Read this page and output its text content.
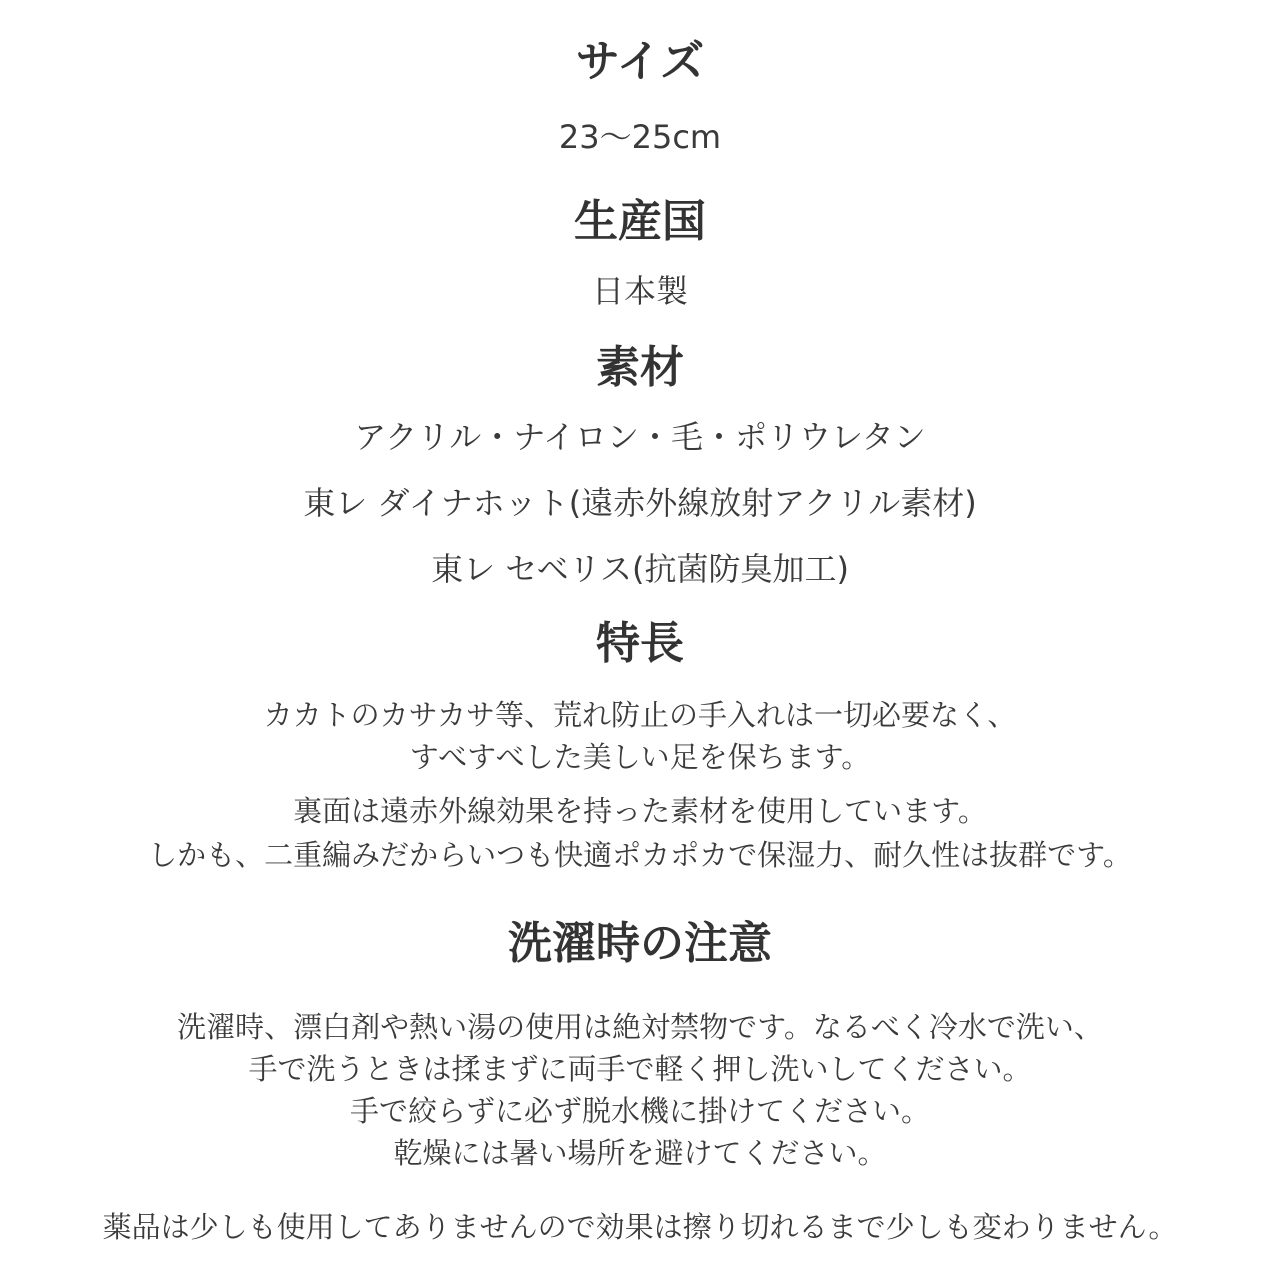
サイズ
23〜25cm
生産国
日本製
素材
アクリル・ナイロン・毛・ポリウレタン
東レ ダイナホット(遠赤外線放射アクリル素材)
東レ セベリス(抗菌防臭加工)
特長
カカトのカサカサ等、荒れ防止の手入れは一切必要なく、
すべすべした美しい足を保ちます。
裏面は遠赤外線効果を持った素材を使用しています。
しかも、二重編みだからいつも快適ポカポカで保湿力、耐久性は抜群です。
洗濯時の注意
洗濯時、漂白剤や熱い湯の使用は絶対禁物です。なるべく冷水で洗い、
手で洗うときは揉まずに両手で軽く押し洗いしてください。
手で絞らずに必ず脱水機に掛けてください。
乾燥には暑い場所を避けてください。
薬品は少しも使用してありませんので効果は擦り切れるまで少しも変わりません。
